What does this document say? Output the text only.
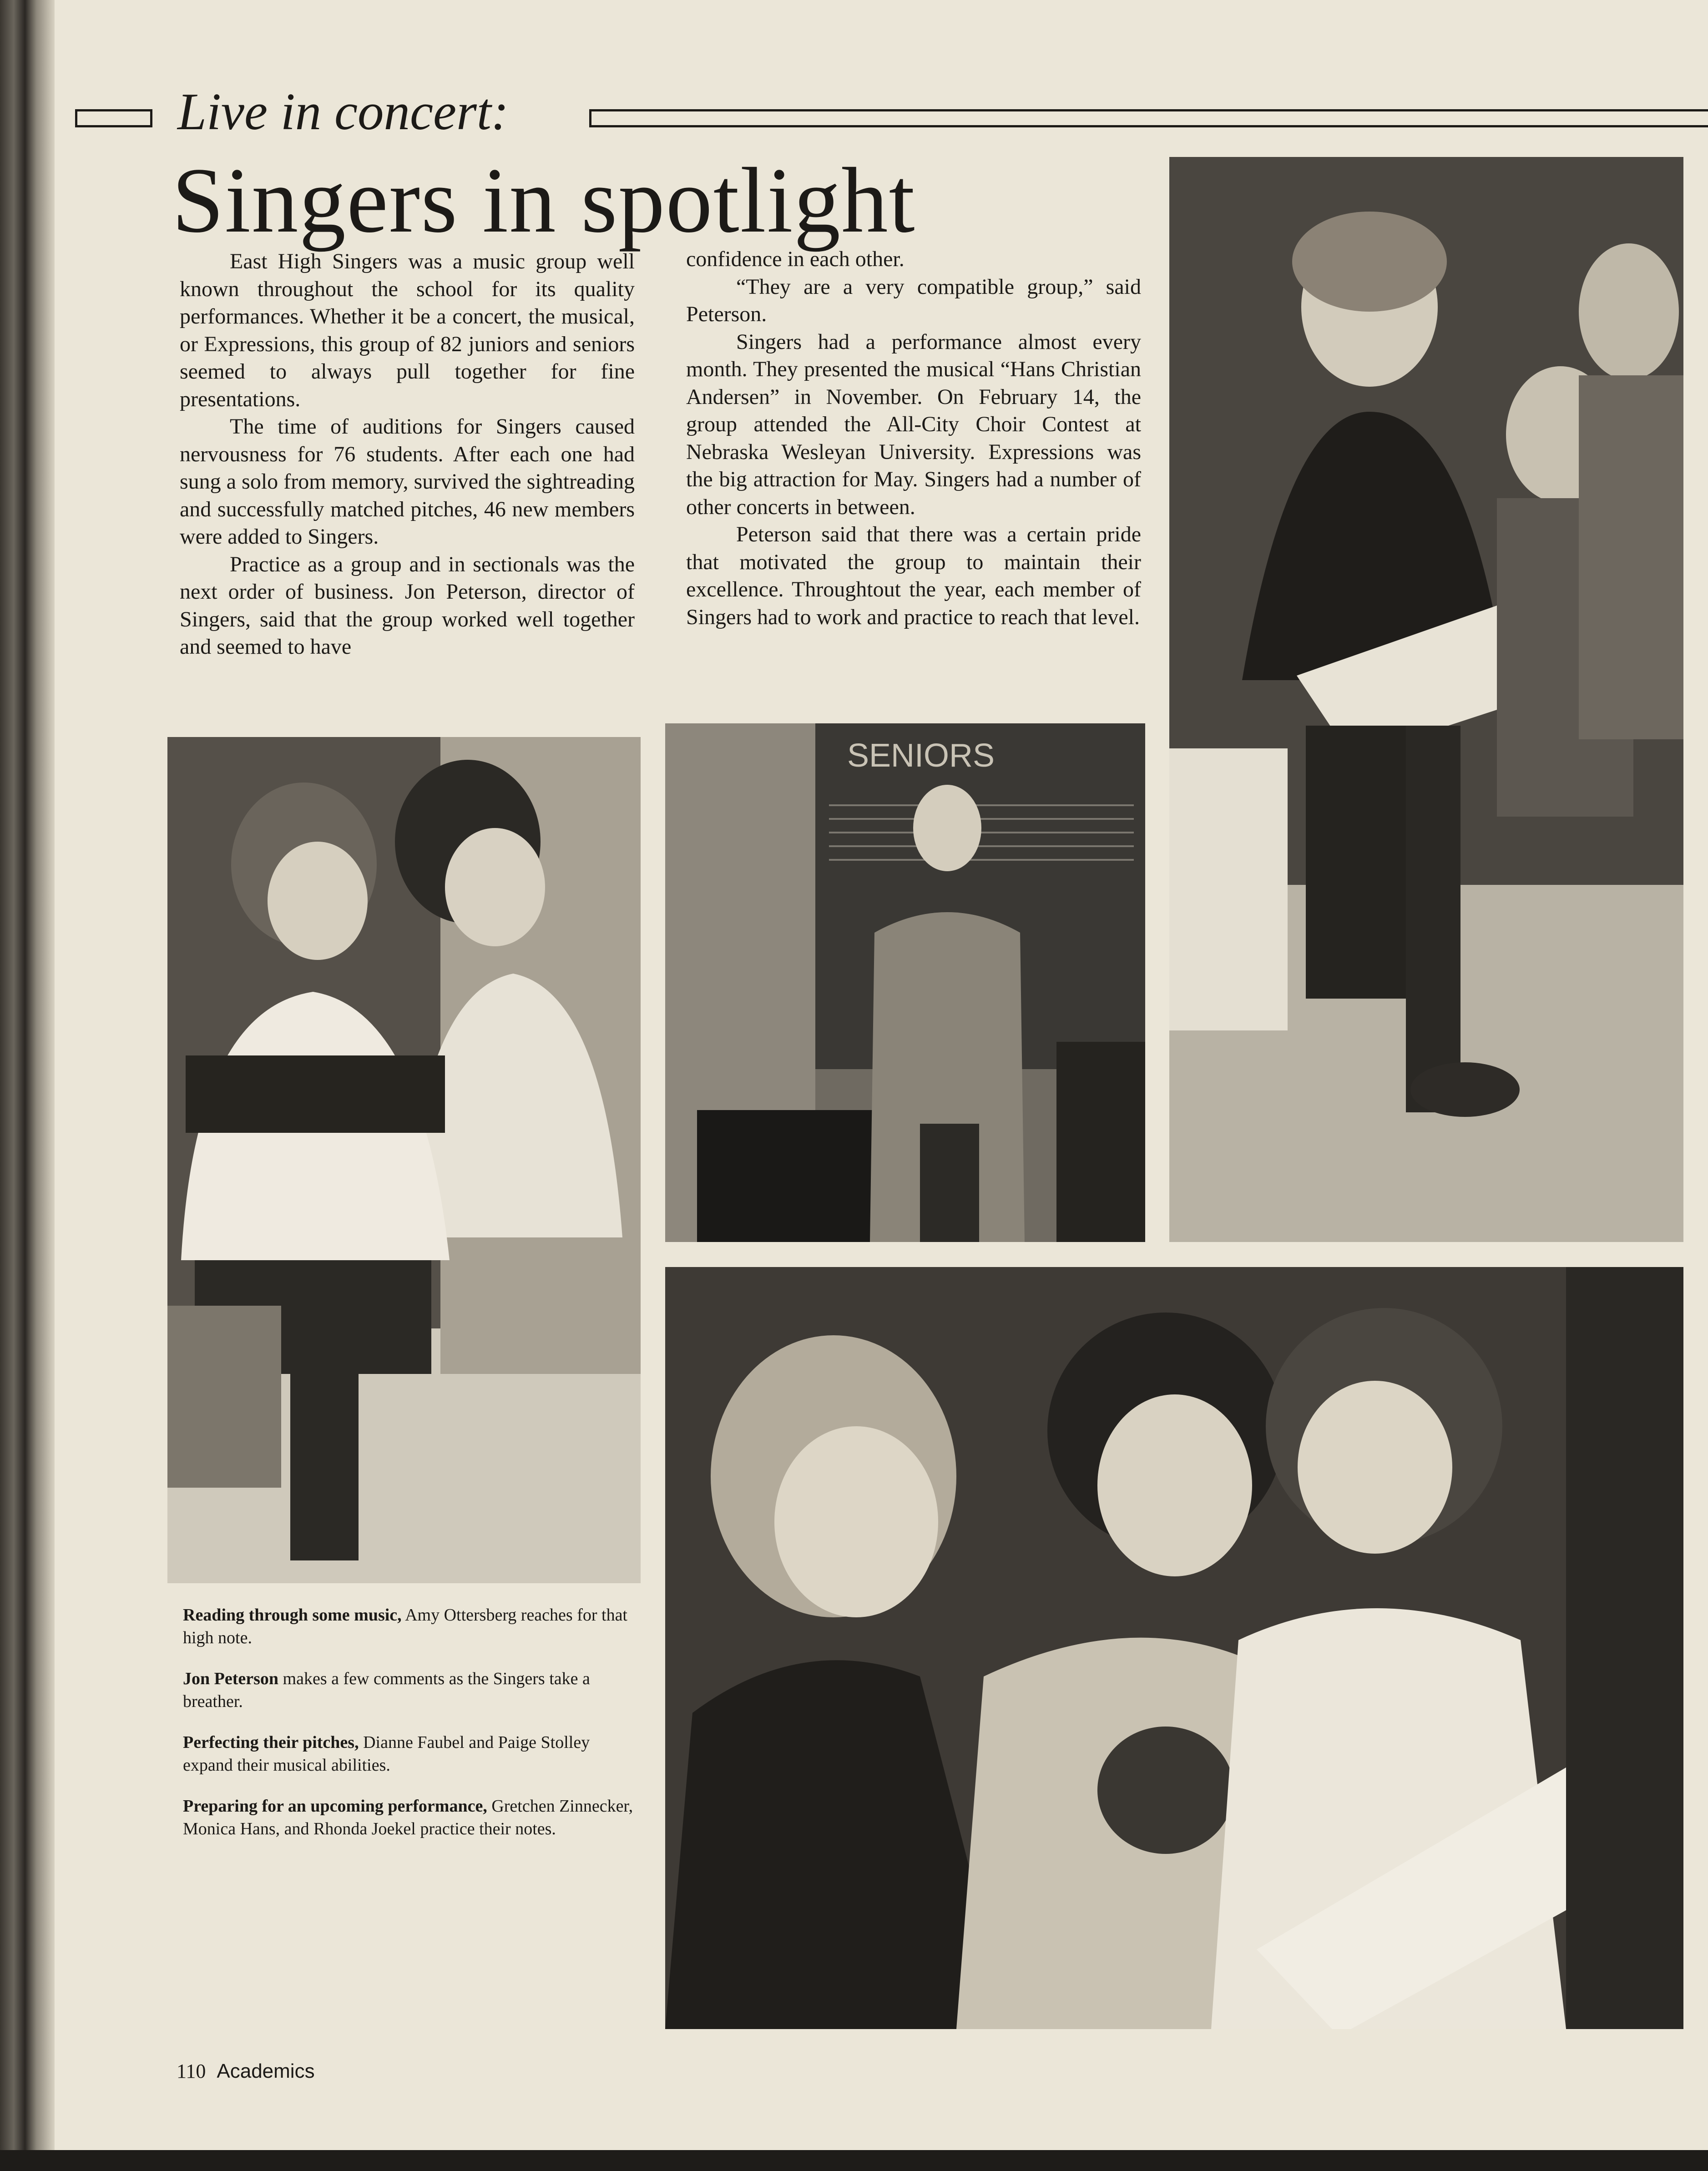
Live in concert:
Singers in spotlight

East High Singers was a music group well known throughout the school for its quality performances. Whether it be a concert, the musical, or Expressions, this group of 82 juniors and seniors seemed to always pull together for fine presentations.

The time of auditions for Singers caused nervousness for 76 students. After each one had sung a solo from memory, survived the sightreading and successfully matched pitches, 46 new members were added to Singers.

Practice as a group and in sectionals was the next order of business. Jon Peterson, director of Singers, said that the group worked well together and seemed to have

confidence in each other.

“They are a very compatible group,” said Peterson.

Singers had a performance almost every month. They presented the musical “Hans Christian Andersen” in November. On February 14, the group attended the All-City Choir Contest at Nebraska Wesleyan University. Expressions was the big attraction for May. Singers had a number of other concerts in between.

Peterson said that there was a certain pride that motivated the group to maintain their excellence. Throughtout the year, each member of Singers had to work and practice to reach that level.

SENIORS

Reading through some music, Amy Ottersberg reaches for that high note.

Jon Peterson makes a few comments as the Singers take a breather.

Perfecting their pitches, Dianne Faubel and Paige Stolley expand their musical abilities.

Preparing for an upcoming performance, Gretchen Zinnecker, Monica Hans, and Rhonda Joekel practice their notes.

110 Academics
